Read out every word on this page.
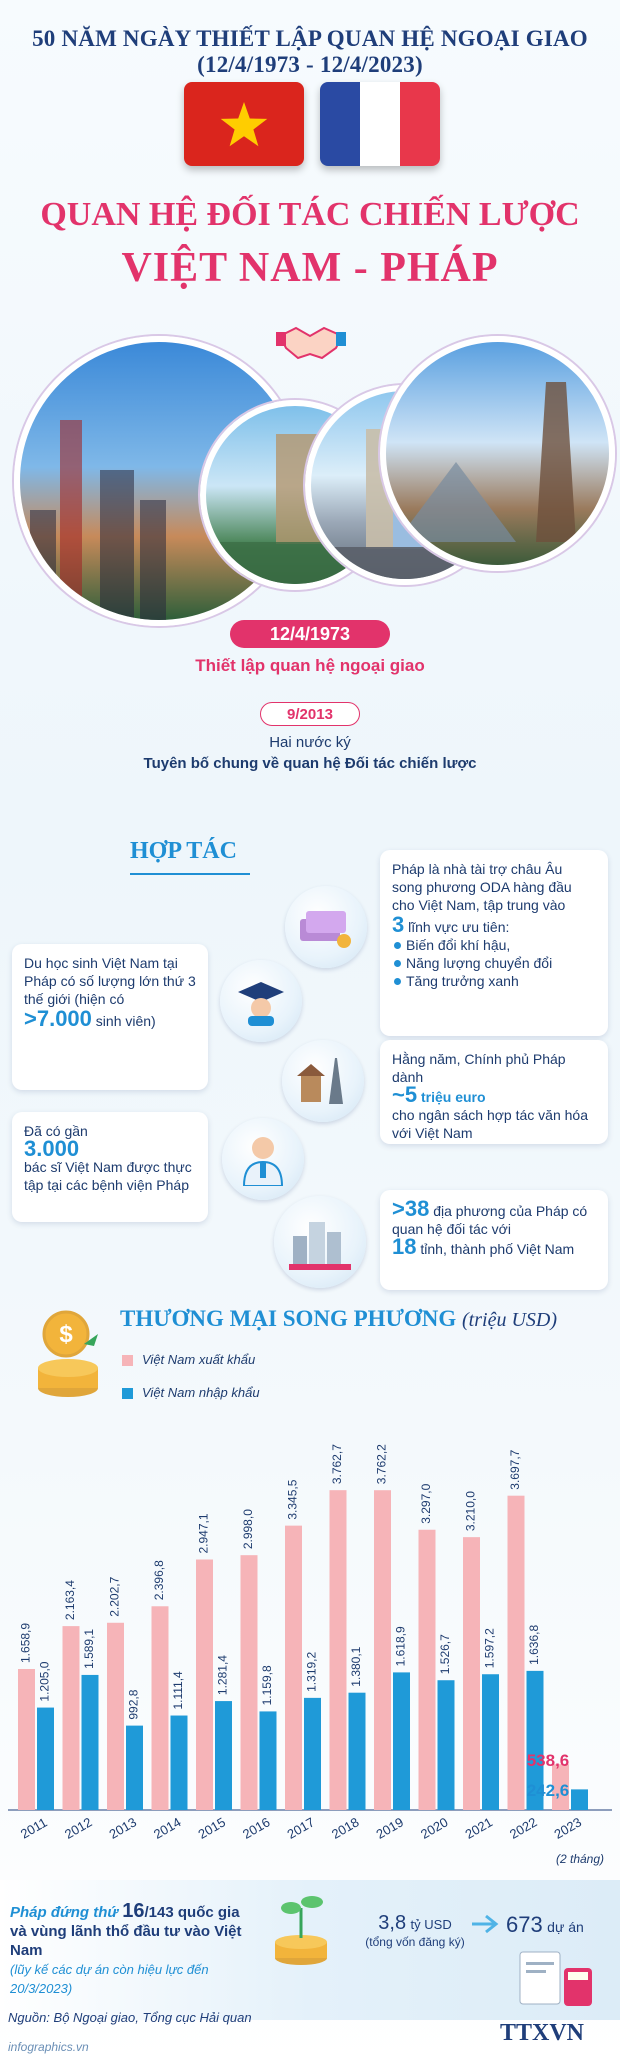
50 NĂM NGÀY THIẾT LẬP QUAN HỆ NGOẠI GIAO (12/4/1973 - 12/4/2023)
QUAN HỆ ĐỐI TÁC CHIẾN LƯỢC
VIỆT NAM - PHÁP
12/4/1973
Thiết lập quan hệ ngoại giao
9/2013
Hai nước ký
Tuyên bố chung về quan hệ Đối tác chiến lược
HỢP TÁC
Pháp là nhà tài trợ châu Âu song phương ODA hàng đầu cho Việt Nam, tập trung vào
3 lĩnh vực ưu tiên:
Biến đổi khí hậu,
Năng lượng chuyển đổi
Tăng trưởng xanh
Du học sinh Việt Nam tại Pháp có số lượng lớn thứ 3 thế giới (hiện có
>7.000 sinh viên)
Hằng năm, Chính phủ Pháp dành
~5 triệu euro
cho ngân sách hợp tác văn hóa với Việt Nam
Đã có gần
3.000
bác sĩ Việt Nam được thực tập tại các bệnh viện Pháp
>38 địa phương của Pháp có quan hệ đối tác với
18 tỉnh, thành phố Việt Nam
$
THƯƠNG MẠI SONG PHƯƠNG (triệu USD)
Việt Nam xuất khẩu
Việt Nam nhập khẩu
1.658,9
1.205,0
2011
2.163,4
1.589,1
2012
2.202,7
992,8
2013
2.396,8
1.111,4
2014
2.947,1
1.281,4
2015
2.998,0
1.159,8
2016
3.345,5
1.319,2
2017
3.762,7
1.380,1
2018
3.762,2
1.618,9
2019
3.297,0
1.526,7
2020
3.210,0
1.597,2
2021
3.697,7
1.636,8
2022
538,6
242,6
2023
(2 tháng)
Pháp đứng thứ 16/143 quốc gia và vùng lãnh thổ đầu tư vào Việt Nam
(lũy kế các dự án còn hiệu lực đến 20/3/2023)
3,8 tỷ USD
(tổng vốn đăng ký)
673 dự án
Nguồn: Bộ Ngoại giao, Tổng cục Hải quan
infographics.vn
TTXVN
